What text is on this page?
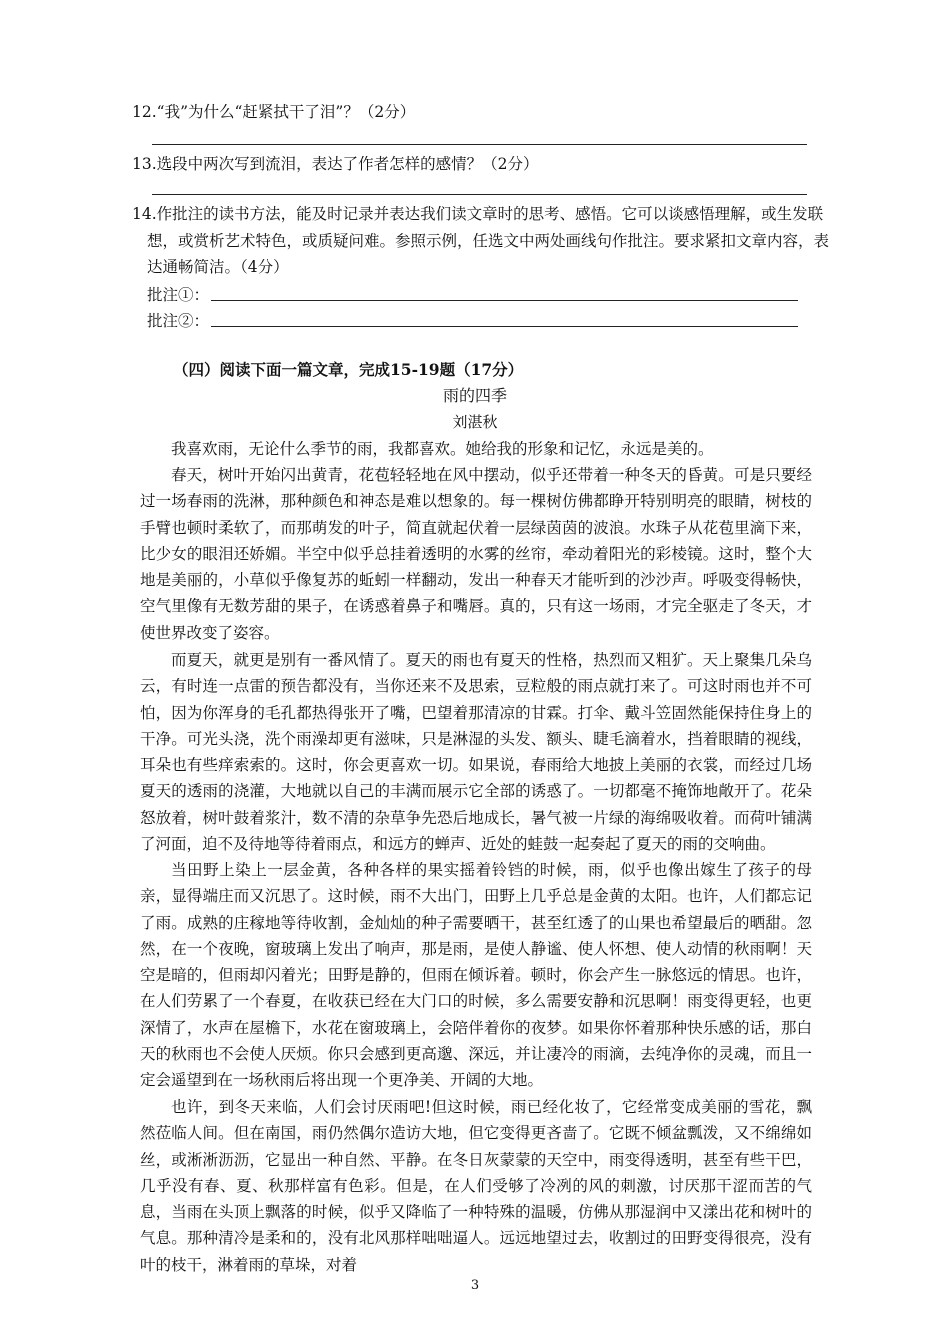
12.“我”为什么“赶紧拭干了泪”？（2分）
13.选段中两次写到流泪，表达了作者怎样的感情？（2分）
14.作批注的读书方法，能及时记录并表达我们读文章时的思考、感悟。它可以谈感悟理解，或生发联
想，或赏析艺术特色，或质疑问难。参照示例，任选文中两处画线句作批注。要求紧扣文章内容，表
达通畅简洁。（4分）
批注①：
批注②：
（四）阅读下面一篇文章，完成15-19题（17分）
雨的四季
刘湛秋
我喜欢雨，无论什么季节的雨，我都喜欢。她给我的形象和记忆，永远是美的。
春天，树叶开始闪出黄青，花苞轻轻地在风中摆动，似乎还带着一种冬天的昏黄。可是只要经过一场春雨的洗淋，那种颜色和神态是难以想象的。每一棵树仿佛都睁开特别明亮的眼睛，树枝的手臂也顿时柔软了，而那萌发的叶子，简直就起伏着一层绿茵茵的波浪。水珠子从花苞里滴下来，比少女的眼泪还娇媚。半空中似乎总挂着透明的水雾的丝帘，牵动着阳光的彩棱镜。这时，整个大地是美丽的，小草似乎像复苏的蚯蚓一样翻动，发出一种春天才能听到的沙沙声。呼吸变得畅快，空气里像有无数芳甜的果子，在诱惑着鼻子和嘴唇。真的，只有这一场雨，才完全驱走了冬天，才使世界改变了姿容。
而夏天，就更是别有一番风情了。夏天的雨也有夏天的性格，热烈而又粗犷。天上聚集几朵乌云，有时连一点雷的预告都没有，当你还来不及思索，豆粒般的雨点就打来了。可这时雨也并不可怕，因为你浑身的毛孔都热得张开了嘴，巴望着那清凉的甘霖。打伞、戴斗笠固然能保持住身上的干净。可光头浇，洗个雨澡却更有滋味，只是淋湿的头发、额头、睫毛滴着水，挡着眼睛的视线，耳朵也有些痒索索的。这时，你会更喜欢一切。如果说，春雨给大地披上美丽的衣裳，而经过几场夏天的透雨的浇灌，大地就以自己的丰满而展示它全部的诱惑了。一切都毫不掩饰地敞开了。花朵怒放着，树叶鼓着浆汁，数不清的杂草争先恐后地成长，暑气被一片绿的海绵吸收着。而荷叶铺满了河面，迫不及待地等待着雨点，和远方的蝉声、近处的蛙鼓一起奏起了夏天的雨的交响曲。
当田野上染上一层金黄，各种各样的果实摇着铃铛的时候，雨，似乎也像出嫁生了孩子的母亲，显得端庄而又沉思了。这时候，雨不大出门，田野上几乎总是金黄的太阳。也许，人们都忘记了雨。成熟的庄稼地等待收割，金灿灿的种子需要晒干，甚至红透了的山果也希望最后的晒甜。忽然，在一个夜晚，窗玻璃上发出了响声，那是雨，是使人静谧、使人怀想、使人动情的秋雨啊！天空是暗的，但雨却闪着光；田野是静的，但雨在倾诉着。顿时，你会产生一脉悠远的情思。也许，在人们劳累了一个春夏，在收获已经在大门口的时候，多么需要安静和沉思啊！雨变得更轻，也更深情了，水声在屋檐下，水花在窗玻璃上，会陪伴着你的夜梦。如果你怀着那种快乐感的话，那白天的秋雨也不会使人厌烦。你只会感到更高邈、深远，并让凄冷的雨滴，去纯净你的灵魂，而且一定会遥望到在一场秋雨后将出现一个更净美、开阔的大地。
也许，到冬天来临，人们会讨厌雨吧!但这时候，雨已经化妆了，它经常变成美丽的雪花，飘然莅临人间。但在南国，雨仍然偶尔造访大地，但它变得更吝啬了。它既不倾盆瓢泼，又不绵绵如丝，或淅淅沥沥，它显出一种自然、平静。在冬日灰蒙蒙的天空中，雨变得透明，甚至有些干巴，几乎没有春、夏、秋那样富有色彩。但是，在人们受够了冷冽的风的刺激，讨厌那干涩而苦的气息，当雨在头顶上飘落的时候，似乎又降临了一种特殊的温暖，仿佛从那湿润中又漾出花和树叶的气息。那种清冷是柔和的，没有北风那样咄咄逼人。远远地望过去，收割过的田野变得很亮，没有叶的枝干，淋着雨的草垛，对着
3
